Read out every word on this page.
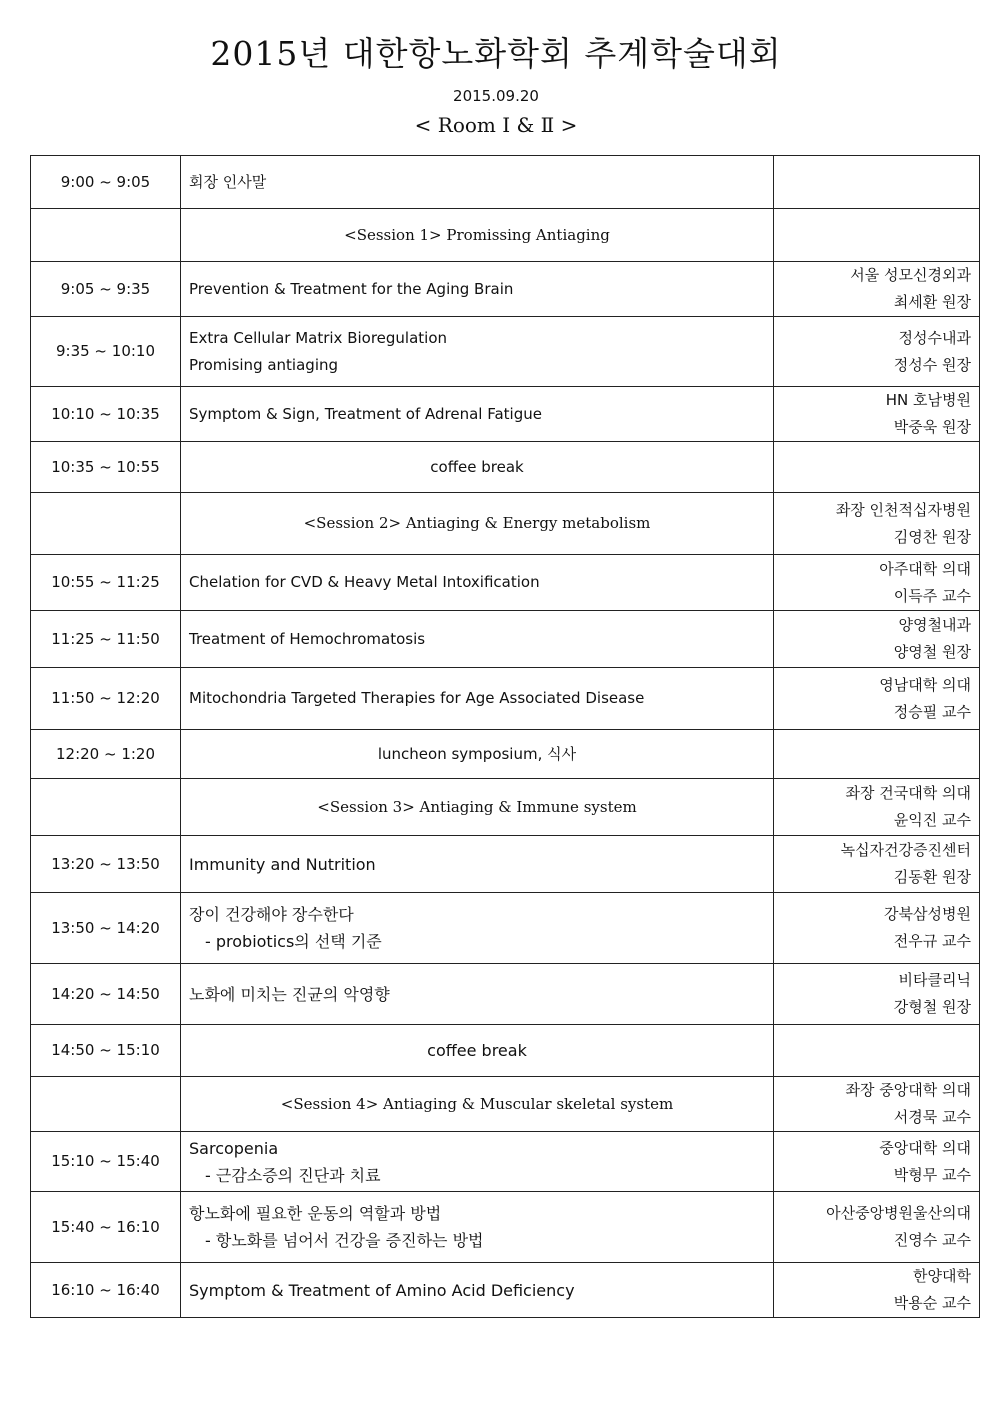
2015년 대한항노화학회 추계학술대회
2015.09.20
< Room Ⅰ & Ⅱ >
9:00 ~ 9:05	회장 인사말	

	<Session 1> Promissing Antiaging	

9:05 ~ 9:35	Prevention & Treatment for the Aging Brain	서울 성모신경외과
최세환 원장

9:35 ~ 10:10	Extra Cellular Matrix Bioregulation
Promising antiaging	정성수내과
정성수 원장

10:10 ~ 10:35	Symptom & Sign, Treatment of Adrenal Fatigue	HN 호남병원
박중욱 원장

10:35 ~ 10:55	coffee break	

	<Session 2> Antiaging & Energy metabolism	좌장 인천적십자병원
김영찬 원장

10:55 ~ 11:25	Chelation for CVD & Heavy Metal Intoxification	아주대학 의대
이득주 교수

11:25 ~ 11:50	Treatment of Hemochromatosis	양영철내과
양영철 원장

11:50 ~ 12:20	Mitochondria Targeted Therapies for Age Associated Disease	영남대학 의대
정승필 교수

12:20 ~ 1:20	luncheon symposium, 식사	

	<Session 3> Antiaging & Immune system	좌장 건국대학 의대
윤익진 교수

13:20 ~ 13:50	Immunity and Nutrition	녹십자건강증진센터
김동환 원장

13:50 ~ 14:20	장이 건강해야 장수한다
- probiotics의 선택 기준	강북삼성병원
전우규 교수

14:20 ~ 14:50	노화에 미치는 진균의 악영향	비타클리닉
강형철 원장

14:50 ~ 15:10	coffee break	

	<Session 4> Antiaging & Muscular skeletal system	좌장 중앙대학 의대
서경묵 교수

15:10 ~ 15:40	Sarcopenia
- 근감소증의 진단과 치료	중앙대학 의대
박형무 교수

15:40 ~ 16:10	항노화에 필요한 운동의 역할과 방법
- 항노화를 넘어서 건강을 증진하는 방법	아산중앙병원울산의대
진영수 교수

16:10 ~ 16:40	Symptom & Treatment of Amino Acid Deficiency	한양대학
박용순 교수
